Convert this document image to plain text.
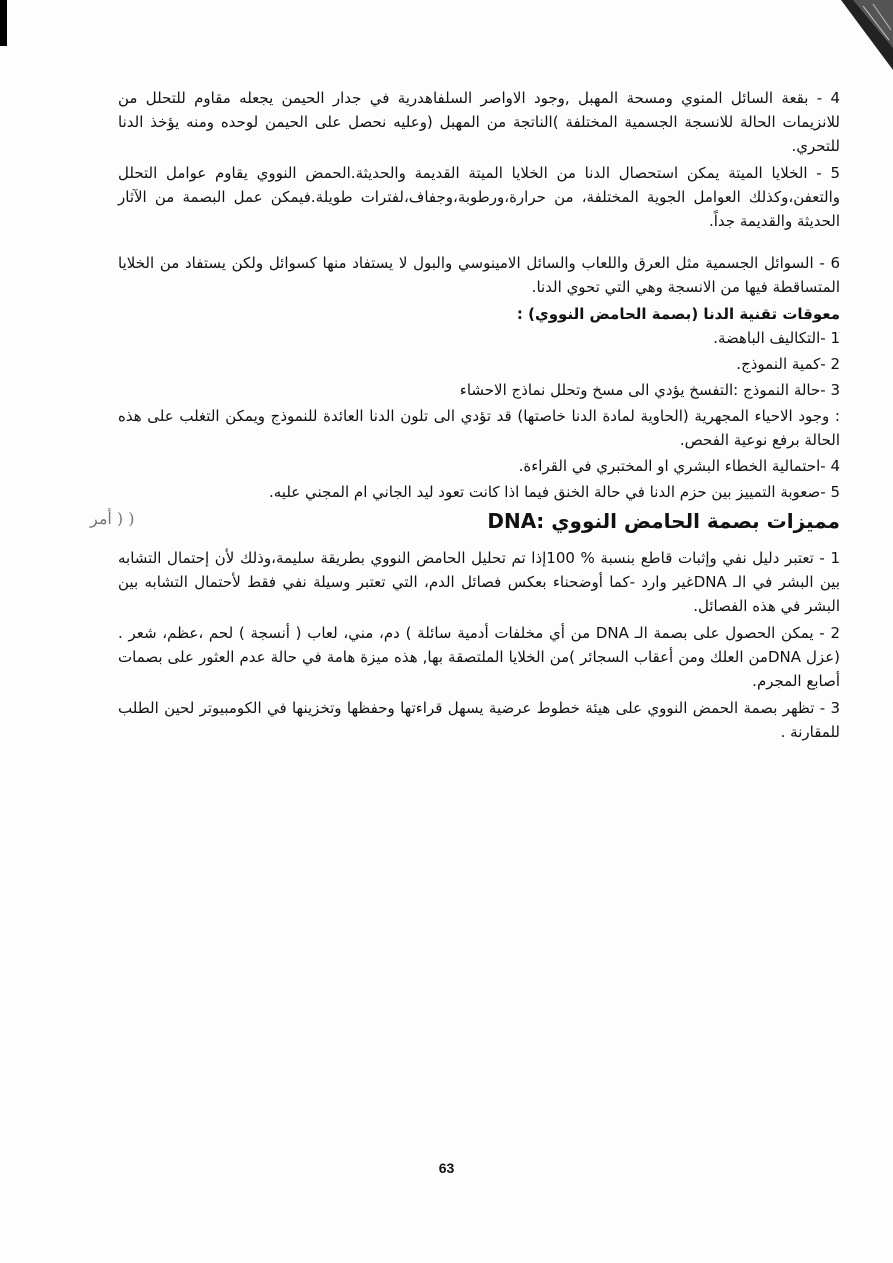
4 - بقعة السائل المنوي ومسحة المهبل ,وجود الاواصر السلفاهدرية في جدار الحيمن يجعله مقاوم للتحلل من للانزيمات الحالة للانسجة الجسمية المختلفة )الناتجة من المهبل (وعليه نحصل على الحيمن لوحده ومنه يؤخذ الدنا للتحري.

5 - الخلايا الميتة يمكن استحصال الدنا من الخلايا الميتة القديمة والحديثة.الحمض النووي يقاوم عوامل التحلل والتعفن،وكذلك العوامل الجوية المختلفة، من حرارة،ورطوبة،وجفاف،لفترات طويلة.فيمكن عمل البصمة من الآثار الحديثة والقديمة جداً.

6 - السوائل الجسمية مثل العرق واللعاب والسائل الامينوسي والبول لا يستفاد منها كسوائل ولكن يستفاد من الخلايا المتساقطة فيها من الانسجة وهي التي تحوي الدنا.

معوقات تقنية الدنا (بصمة الحامض النووي) :

1 -التكاليف الباهضة.

2 -كمية النموذج.

3 -حالة النموذج :التفسخ يؤدي الى مسخ وتحلل نماذج الاحشاء

: وجود الاحياء المجهرية (الحاوية لمادة الدنا خاصتها) قد تؤدي الى تلون الدنا العائدة للنموذج ويمكن التغلب على هذه الحالة برفع نوعية الفحص.

4 -احتمالية الخطاء البشري او المختبري في القراءة.

5 -صعوبة التمييز بين حزم الدنا في حالة الخنق فيما اذا كانت تعود ليد الجاني ام المجني عليه.

مميزات بصمة الحامض النووي :DNA

1 - تعتبر دليل نفي وإثبات قاطع بنسبة % 100إذا تم تحليل الحامض النووي بطريقة سليمة،وذلك لأن إحتمال التشابه بين البشر في الـ DNAغير وارد -كما أوضحناء بعكس فصائل الدم، التي تعتبر وسيلة نفي فقط لأحتمال التشابه بين البشر في هذه الفصائل.

2 - يمكن الحصول على بصمة الـ DNA من أي مخلفات أدمية سائلة ) دم، مني، لعاب ( أنسجة ) لحم ،عظم، شعر .(عزل DNAمن العلك ومن أعقاب السجائر )من الخلايا الملتصقة بها, هذه ميزة هامة في حالة عدم العثور على بصمات أصابع المجرم.

3 - تظهر بصمة الحمض النووي على هيئة خطوط عرضية يسهل قراءتها وحفظها وتخزينها في الكومبيوتر لحين الطلب للمقارنة .

( ( أمر
63
